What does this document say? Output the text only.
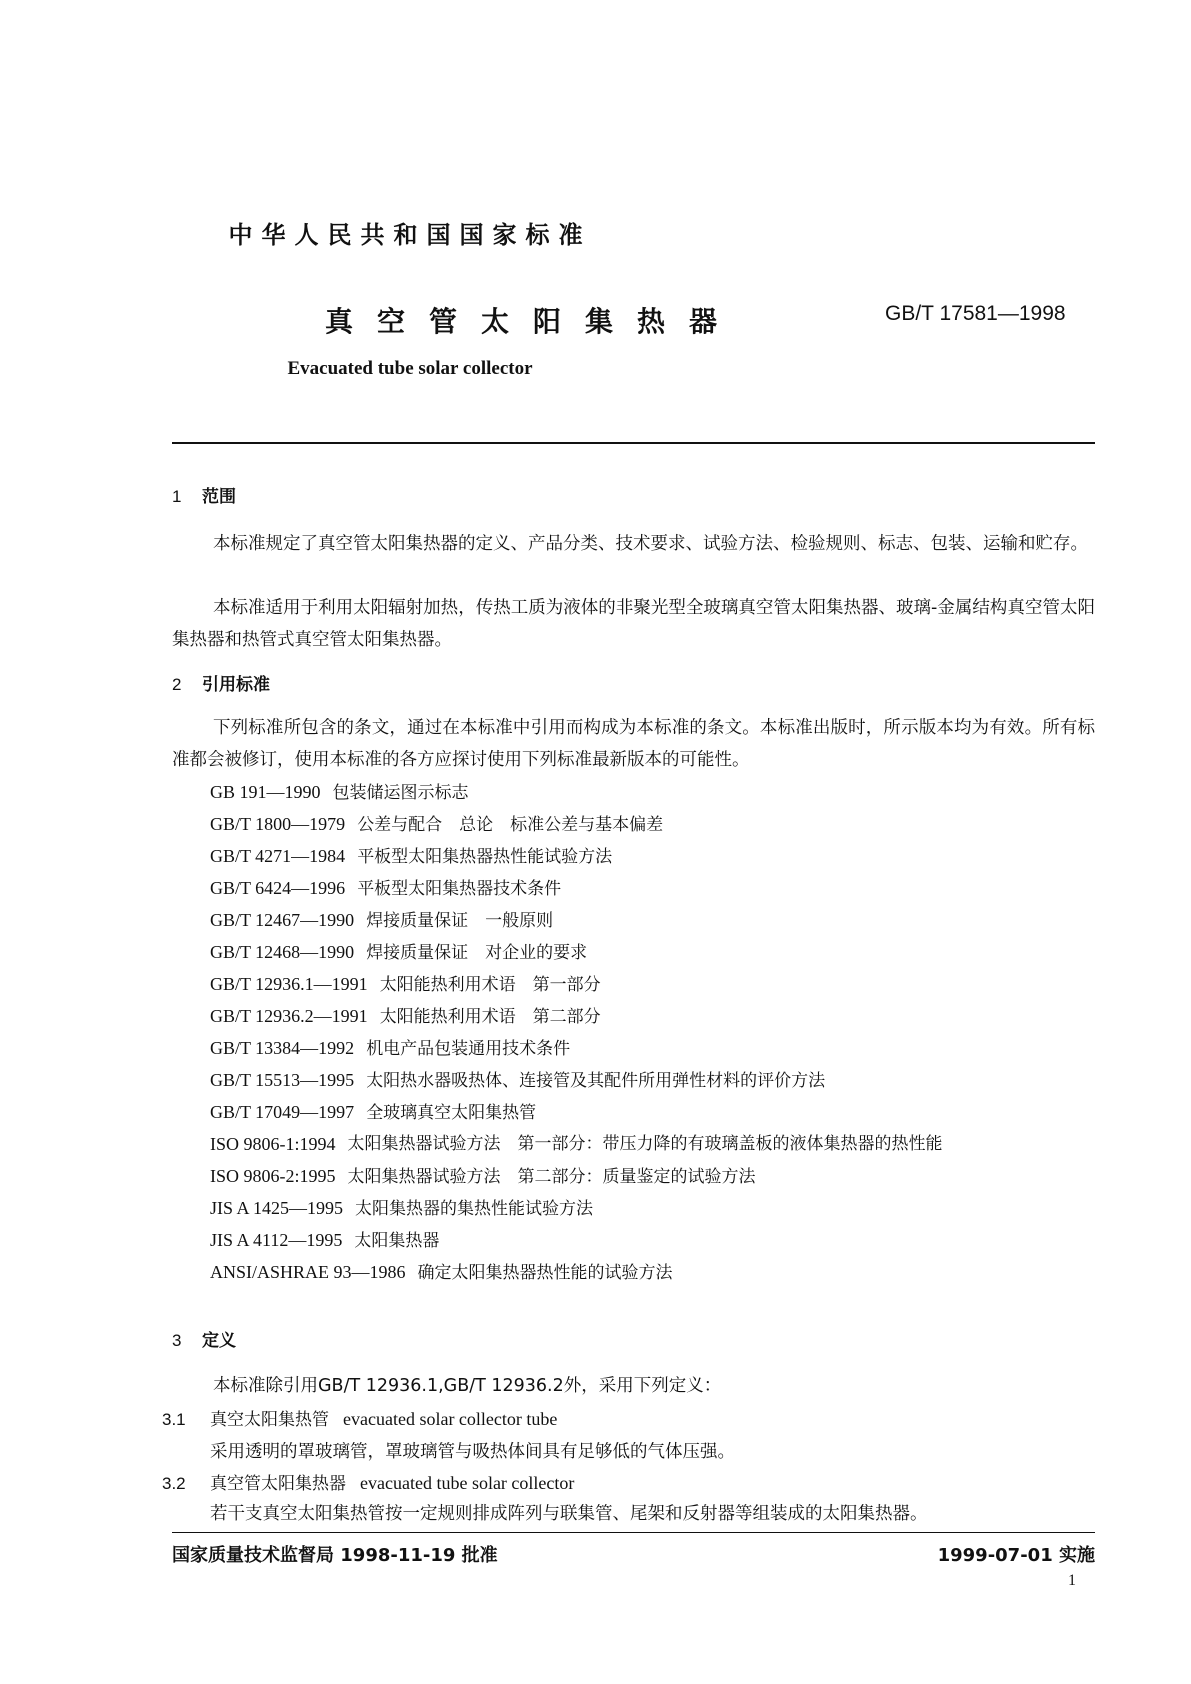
中华人民共和国国家标准
真空管太阳集热器	GB/T 17581—1998
Evacuated tube solar collector
1 范围
本标准规定了真空管太阳集热器的定义、产品分类、技术要求、试验方法、检验规则、标志、包装、运输和贮存。
本标准适用于利用太阳辐射加热，传热工质为液体的非聚光型全玻璃真空管太阳集热器、玻璃-金属结构真空管太阳集热器和热管式真空管太阳集热器。
2 引用标准
下列标准所包含的条文，通过在本标准中引用而构成为本标准的条文。本标准出版时，所示版本均为有效。所有标准都会被修订，使用本标准的各方应探讨使用下列标准最新版本的可能性。
GB 191—1990 包装储运图示标志
GB/T 1800—1979 公差与配合　总论　标准公差与基本偏差
GB/T 4271—1984 平板型太阳集热器热性能试验方法
GB/T 6424—1996 平板型太阳集热器技术条件
GB/T 12467—1990 焊接质量保证　一般原则
GB/T 12468—1990 焊接质量保证　对企业的要求
GB/T 12936.1—1991 太阳能热利用术语　第一部分
GB/T 12936.2—1991 太阳能热利用术语　第二部分
GB/T 13384—1992 机电产品包装通用技术条件
GB/T 15513—1995 太阳热水器吸热体、连接管及其配件所用弹性材料的评价方法
GB/T 17049—1997 全玻璃真空太阳集热管
ISO 9806-1:1994 太阳集热器试验方法　第一部分：带压力降的有玻璃盖板的液体集热器的热性能
ISO 9806-2:1995 太阳集热器试验方法　第二部分：质量鉴定的试验方法
JIS A 1425—1995 太阳集热器的集热性能试验方法
JIS A 4112—1995 太阳集热器
ANSI/ASHRAE 93—1986 确定太阳集热器热性能的试验方法
3 定义
本标准除引用GB/T 12936.1,GB/T 12936.2外，采用下列定义：
3.1 真空太阳集热管 evacuated solar collector tube
采用透明的罩玻璃管，罩玻璃管与吸热体间具有足够低的气体压强。
3.2 真空管太阳集热器 evacuated tube solar collector
若干支真空太阳集热管按一定规则排成阵列与联集管、尾架和反射器等组装成的太阳集热器。
国家质量技术监督局 1998-11-19 批准	1999-07-01 实施
1
